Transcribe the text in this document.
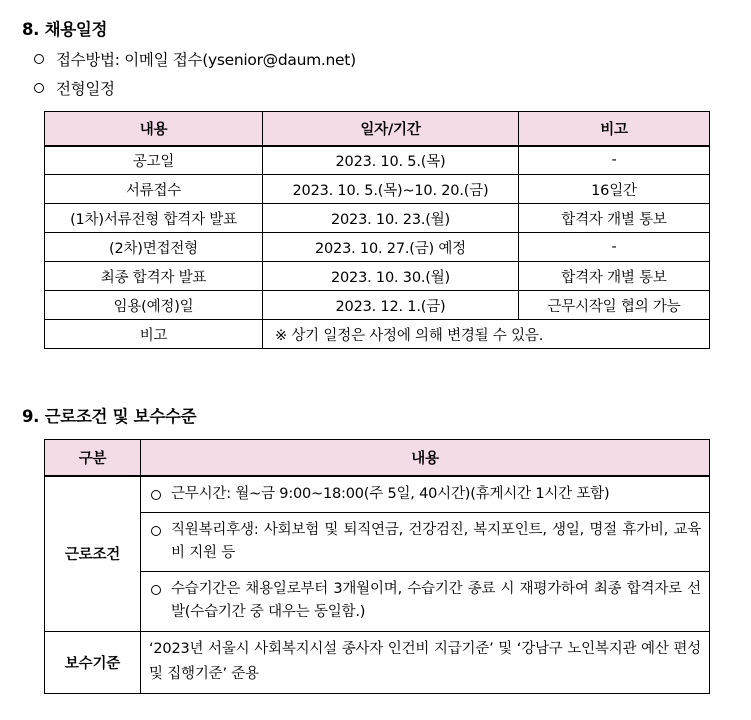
8. 채용일정
접수방법: 이메일 접수(ysenior@daum.net)
전형일정
내용	일자/기간	비고
공고일	2023. 10. 5.(목)	-
서류접수	2023. 10. 5.(목)~10. 20.(금)	16일간
(1차)서류전형 합격자 발표	2023. 10. 23.(월)	합격자 개별 통보
(2차)면접전형	2023. 10. 27.(금) 예정	-
최종 합격자 발표	2023. 10. 30.(월)	합격자 개별 통보
임용(예정)일	2023. 12. 1.(금)	근무시작일 협의 가능
비고	※ 상기 일정은 사정에 의해 변경될 수 있음.	
9. 근로조건 및 보수수준
구분	내용
근로조건	근무시간: 월~금 9:00~18:00(주 5일, 40시간)(휴게시간 1시간 포함)

	직원복리후생: 사회보험 및 퇴직연금, 건강검진, 복지포인트, 생일, 명절 휴가비, 교육비 지원 등

	수습기간은 채용일로부터 3개월이며, 수습기간 종료 시 재평가하여 최종 합격자로 선발(수습기간 중 대우는 동일함.)

보수기준	‘2023년 서울시 사회복지시설 종사자 인건비 지급기준’ 및 ‘강남구 노인복지관 예산 편성 및 집행기준’ 준용
